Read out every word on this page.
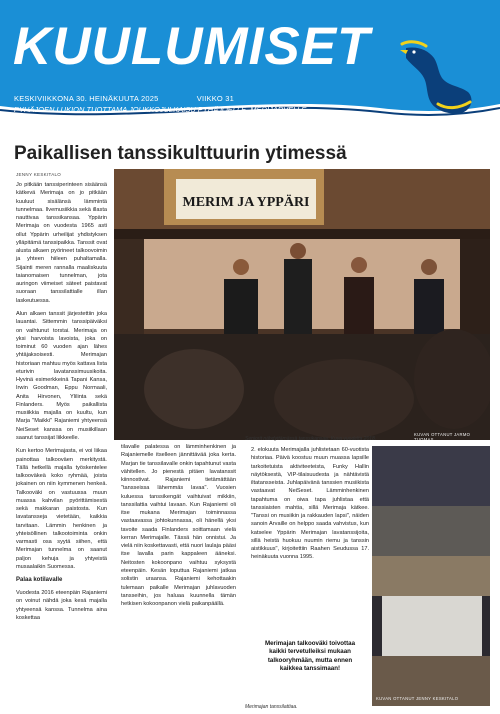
KUULUMISET
KESKIVIIKKONA 30. HEINÄKUUTA 2025	VIIKKO 31
PYHÄJOEN LUKION TUOTTAMA JOUKKOJULKAISU PYHÄJOELLE, MERIJÄRVELLE SEKÄ RAAHEN ARKKUKARIN JA PEHINKIIN
Paikallisen tanssikulttuurin ytimessä
JENNY KESKITALO
KUVAN OTTANUT JARMO TUOMAS
MERIM JA YPPÄRI

Jo pitkään tanssiperinteen sisäänsä kätkevä Merimaja on jo pitkään kuuluut sisälänsä lämmintä tunnelmaa. Ilvemusiikkia sekä illasta nauttivaa tanssikansaa. Yppärin Merimaja on vuodesta 1965 asti ollut Yppärin urheilijat yhdistyksen ylläpitämä tanssipaikka. Tanssit ovat alusta alkaen pyörineet talkoovoimin ja yhteen hiileen puhaltamalla. Sijainti meren rannalla maaliskuuta taianomaisen tunnelman, jota auringon viimeiset säteet paistavat suoraan tanssilattialle illan laskeutuessa.

Alun alkaen tanssit järjestettiin joka lauantai. Sittemmin tanssipäiväksi on vaihtunut torstai. Merimaja on yksi harvoista lavoista, joka on toiminut 60 vuoden ajan lähes yhtäjaksoisesti. Merimajan historiaan mahtuu myös kattava lista eturivin lavatanssimuusikoita. Hyvinä esimerkkeinä Tapani Kansa, Irwin Goodman, Eppu Normaali, Anita Hirvonen, Ylilinta sekä Finlanders. Myös paikallista musiikkia majalla on kuultu, kun Marja "Maikki" Rajaniemi yhtyeensä NeiSeset kanssa on musiikillaan saanut tanssijat liikkeelle.

Kun kertoo Merimajasta, ei voi liikaa painottaa talkooväen merkitystä. Tällä hetkellä majalla työskentelee talkooväkeä koko ryhmää, joista jokainen on niin kymmenen henkeä. Talkooväki on vastuussa muun muassa kahvilan pyörittämisestä sekä makkaran paistosta. Kun lavatansseja vietetään, kaikkia tarvitaan. Lämmin henkinen ja yhteisöllinen talkootoiminta onkin varmasti osa syytä siihen, että Merimajan tunnelma on saanut paljon kehuja ja yhtyeistä musaalaikin Suomessa.

Palaa kotilavalle

Vuodesta 2016 eteenpäin Rajaniemi on voinut nähdä joka kesä majalla yhtyeensä kanssa. Tunnelma aina koskettaa

tilavalle palatessa on lämminhenkinen ja Rajaniemelle itselleen jännittävää joka kerta. Marjan tie tanssilavalle onkin tapahtunut vasta vähitellen. Jo pienestä pitäen lavatanssit kiinnostivat. Rajaniemi tietämättään "tansseissa lähemmäs lavaa". Vuosien kuluessa tanssikengät vaihtuivat mikkiin, tanssilattia vaihtui lavaan. Kun Rajaniemi oli itse mukana Merimajan toiminnassa vastaavassa johtokunnassa, oli hänellä yksi tavoite saada Finlanders soittamaan vielä kerran Merimajalle. Tässä hän onnistui. Ja vielä niin koskettavasti, että nuori laulaja pääsi itse lavalla parin kappaleen ääneksi. Neitosten kokoonpano vaihtuu syksystä eteenpäin. Kesän loputtua Rajaniemi jatkaa solistin uraansa. Rajaniemi kehottaakin tulemaan paikalle Merimajan juhlavuoden tansseihin, jos haluaa kuunnella tämän hetkisen kokoonpanon vielä paikanpäällä.

Seniorit nähdyttämässä tanssikansaa. Kuva vuodelta 2018.

2. elokuuta Merimajalla juhlistetaan 60-vuotista historiaa. Päivä koostuu muun muassa lapsille tarkoitetuista aktiviteeteista, Funky Hallin näytöksestä, VIP-tilaisuudesta ja nähtävistä iltatansseista. Juhlapäivänä tanssien musiikista vastaavat NeiSeset. Lämminhenkinen tapahtuma on oiwa tapa juhlistaa että tanssiaisten mahtia, sillä Merimaja kätkee. "Tanssi on musiikin ja rakkauden lapsi", näiden sanoin Arvaille on helppo saada vahvistus, kun katselee Yppärin Merimajan lavatanssijoita, sillä heistä huokuu nuumin riemu ja tanssin aistikkuus", kirjoitettiin Raahen Seudussa 17. heinäkuuta vuonna 1995.

KUVAN OTTANUT JENNY KESKITALO
Merimajan talkooväki toivottaa kaikki tervetulleiksi mukaan talkooryhmään, mutta ennen kaikkea tanssimaan!
Merimajan tanssilattiaa.
